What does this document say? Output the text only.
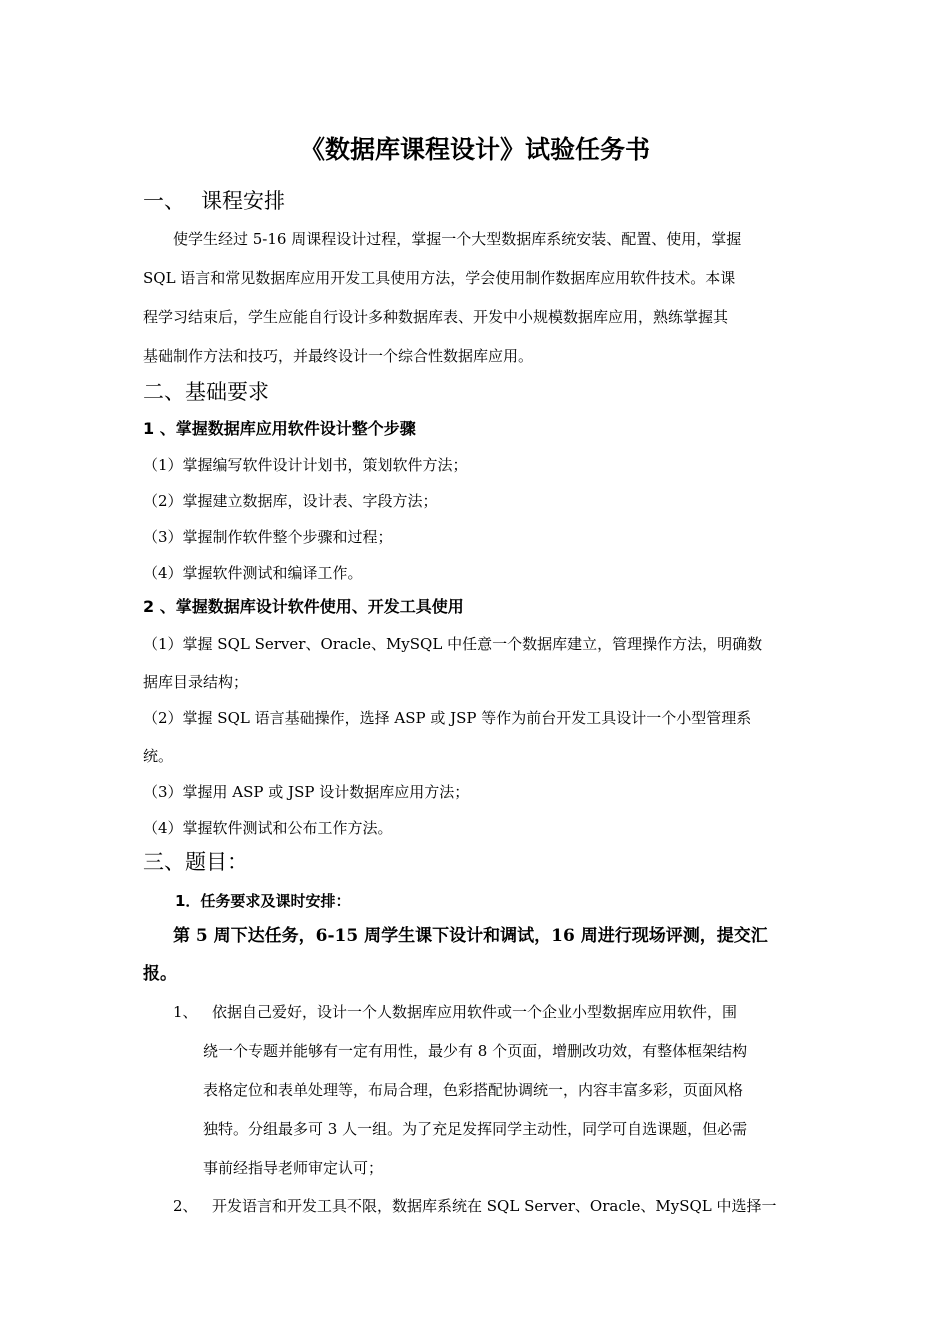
《数据库课程设计》试验任务书
一、 课程安排
使学生经过 5-16 周课程设计过程，掌握一个大型数据库系统安装、配置、使用，掌握
SQL 语言和常见数据库应用开发工具使用方法，学会使用制作数据库应用软件技术。本课
程学习结束后，学生应能自行设计多种数据库表、开发中小规模数据库应用，熟练掌握其
基础制作方法和技巧，并最终设计一个综合性数据库应用。
二、基础要求
1 、掌握数据库应用软件设计整个步骤
（1）掌握编写软件设计计划书，策划软件方法；
（2）掌握建立数据库，设计表、字段方法；
（3）掌握制作软件整个步骤和过程；
（4）掌握软件测试和编译工作。
2 、掌握数据库设计软件使用、开发工具使用
（1）掌握 SQL Server、Oracle、MySQL 中任意一个数据库建立，管理操作方法，明确数
据库目录结构；
（2）掌握 SQL 语言基础操作，选择 ASP 或 JSP 等作为前台开发工具设计一个小型管理系
统。
（3）掌握用 ASP 或 JSP 设计数据库应用方法；
（4）掌握软件测试和公布工作方法。
三、题目：
1．任务要求及课时安排：
第 5 周下达任务，6-15 周学生课下设计和调试，16 周进行现场评测，提交汇
报。
1、 依据自己爱好，设计一个人数据库应用软件或一个企业小型数据库应用软件，围
绕一个专题并能够有一定有用性，最少有 8 个页面，增删改功效，有整体框架结构
表格定位和表单处理等，布局合理，色彩搭配协调统一，内容丰富多彩，页面风格
独特。分组最多可 3 人一组。为了充足发挥同学主动性，同学可自选课题，但必需
事前经指导老师审定认可；
2、 开发语言和开发工具不限，数据库系统在 SQL Server、Oracle、MySQL 中选择一
